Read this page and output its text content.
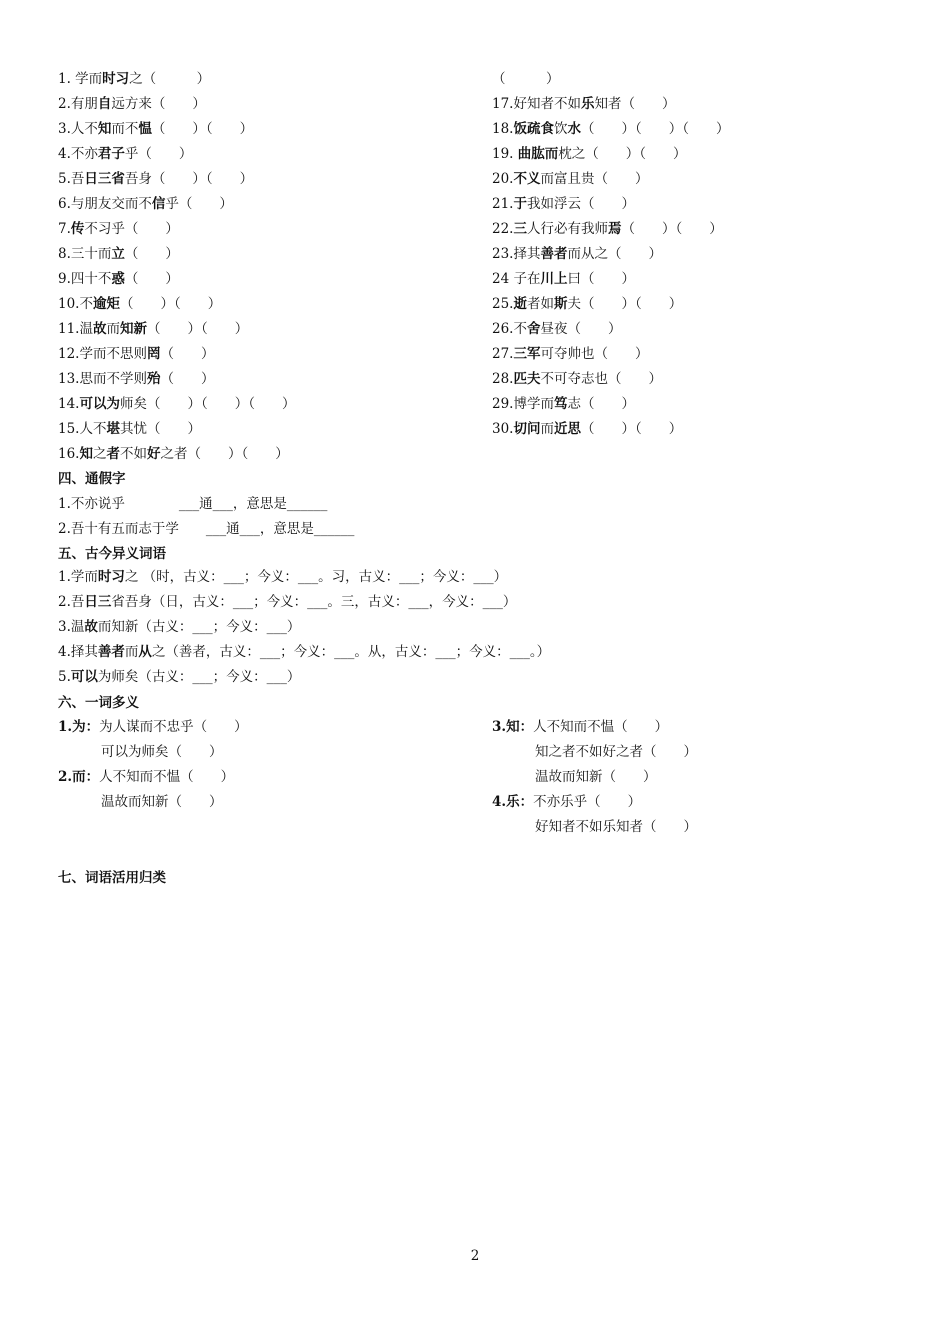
1. 学而时习之（　　　）
2.有朋自远方来（　　）
3.人不知而不愠（　　）（　　）
4.不亦君子乎（　　）
5.吾日三省吾身（　　）（　　）
6.与朋友交而不信乎（　　）
7.传不习乎（　　）
8.三十而立（　　）
9.四十不惑（　　）
10.不逾矩（　　）（　　）
11.温故而知新（　　）（　　）
12.学而不思则罔（　　）
13.思而不学则殆（　　）
14.可以为师矣（　　）（　　）（　　）
15.人不堪其忧（　　）
16.知之者不如好之者（　　）（　　）
（　　　）
17.好知者不如乐知者（　　）
18.饭疏食饮水（　　）（　　）（　　）
19. 曲肱而枕之（　　）（　　）
20.不义而富且贵（　　）
21.于我如浮云（　　）
22.三人行必有我师焉（　　）（　　）
23.择其善者而从之（　　）
24 子在川上曰（　　）
25.逝者如斯夫（　　）（　　）
26.不舍昼夜（　　）
27.三军可夺帅也（　　）
28.匹夫不可夺志也（　　）
29.博学而笃志（　　）
30.切问而近思（　　）（　　）
四、通假字
1.不亦说乎　　　　___通___，意思是______
2.吾十有五而志于学　　___通___，意思是______
五、古今异义词语
1.学而时习之 （时，古义：___；今义：___。习，古义：___；今义：___）
2.吾日三省吾身（日，古义：___；今义：___。三，古义：___，今义：___）
3.温故而知新（古义：___；今义：___）
4.择其善者而从之（善者，古义：___；今义：___。从，古义：___；今义：___。）
5.可以为师矣（古义：___；今义：___）
六、一词多义
1.为：为人谋而不忠乎（　　）
可以为师矣（　　）
2.而：人不知而不愠（　　）
温故而知新（　　）
3.知：人不知而不愠（　　）
知之者不如好之者（　　）
温故而知新（　　）
4.乐：不亦乐乎（　　）
好知者不如乐知者（　　）
七、词语活用归类
2
